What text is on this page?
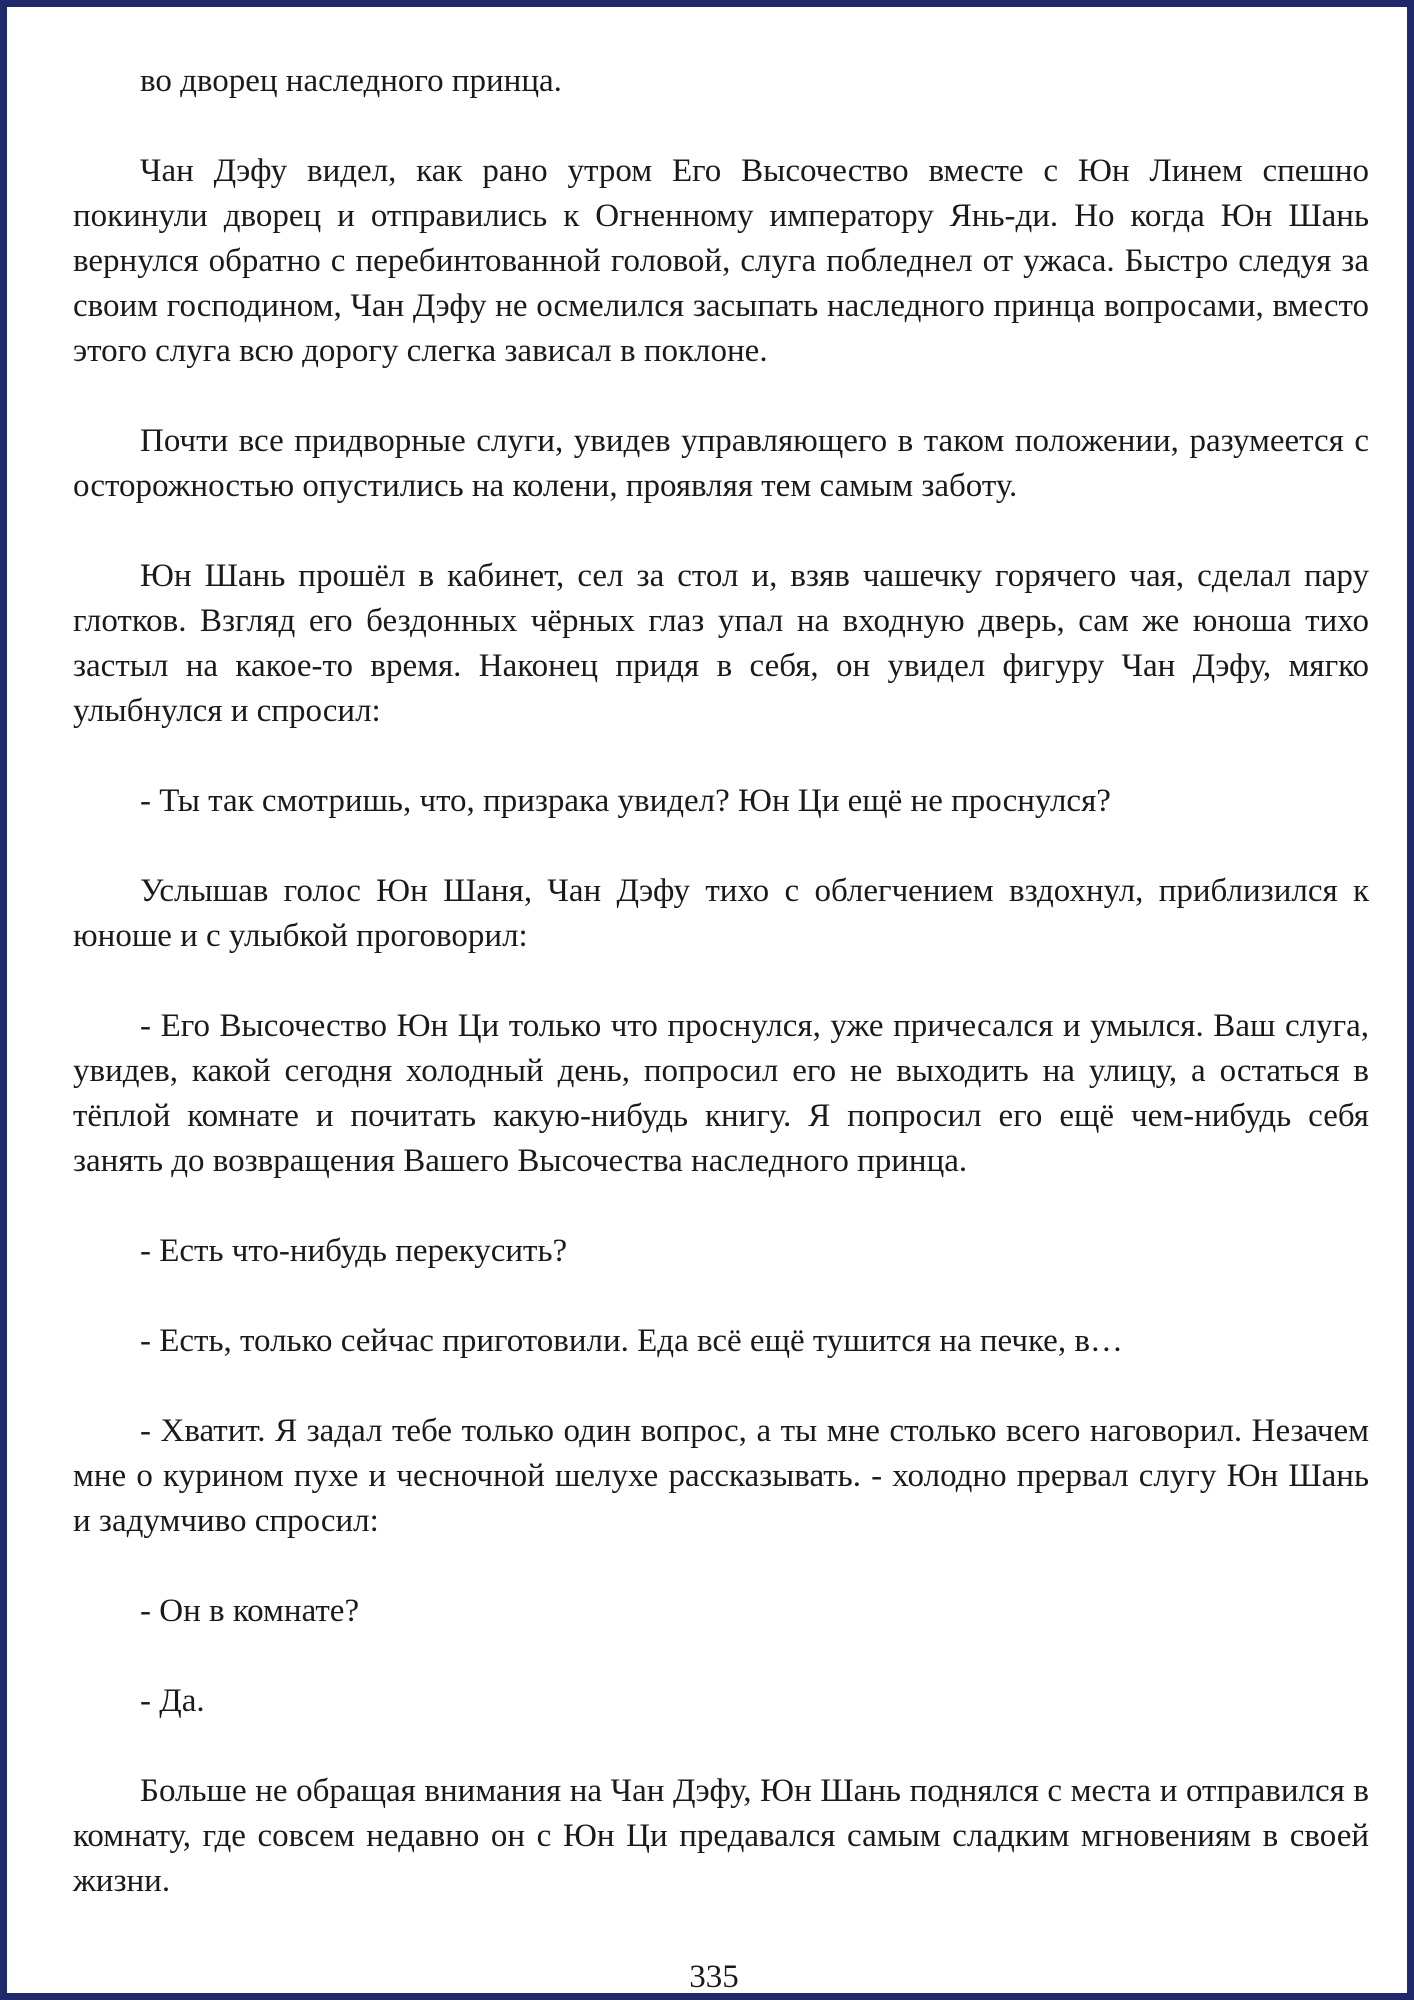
во дворец наследного принца.

Чан Дэфу видел, как рано утром Его Высочество вместе с Юн Линем спешно покинули дворец и отправились к Огненному императору Янь-ди. Но когда Юн Шань вернулся обратно с перебинтованной головой, слуга побледнел от ужаса. Быстро следуя за своим господином, Чан Дэфу не осмелился засыпать наследного принца вопросами, вместо этого слуга всю дорогу слегка зависал в поклоне.

Почти все придворные слуги, увидев управляющего в таком положении, разумеется с осторожностью опустились на колени, проявляя тем самым заботу.

Юн Шань прошёл в кабинет, сел за стол и, взяв чашечку горячего чая, сделал пару глотков. Взгляд его бездонных чёрных глаз упал на входную дверь, сам же юноша тихо застыл на какое-то время. Наконец придя в себя, он увидел фигуру Чан Дэфу, мягко улыбнулся и спросил:

- Ты так смотришь, что, призрака увидел? Юн Ци ещё не проснулся?

Услышав голос Юн Шаня, Чан Дэфу тихо с облегчением вздохнул, приблизился к юноше и с улыбкой проговорил:

- Его Высочество Юн Ци только что проснулся, уже причесался и умылся. Ваш слуга, увидев, какой сегодня холодный день, попросил его не выходить на улицу, а остаться в тёплой комнате и почитать какую-нибудь книгу. Я попросил его ещё чем-нибудь себя занять до возвращения Вашего Высочества наследного принца.

- Есть что-нибудь перекусить?

- Есть, только сейчас приготовили. Еда всё ещё тушится на печке, в…

- Хватит. Я задал тебе только один вопрос, а ты мне столько всего наговорил. Незачем мне о курином пухе и чесночной шелухе рассказывать. - холодно прервал слугу Юн Шань и задумчиво спросил:

- Он в комнате?

- Да.

Больше не обращая внимания на Чан Дэфу, Юн Шань поднялся с места и отправился в комнату, где совсем недавно он с Юн Ци предавался самым сладким мгновениям в своей жизни.

335
